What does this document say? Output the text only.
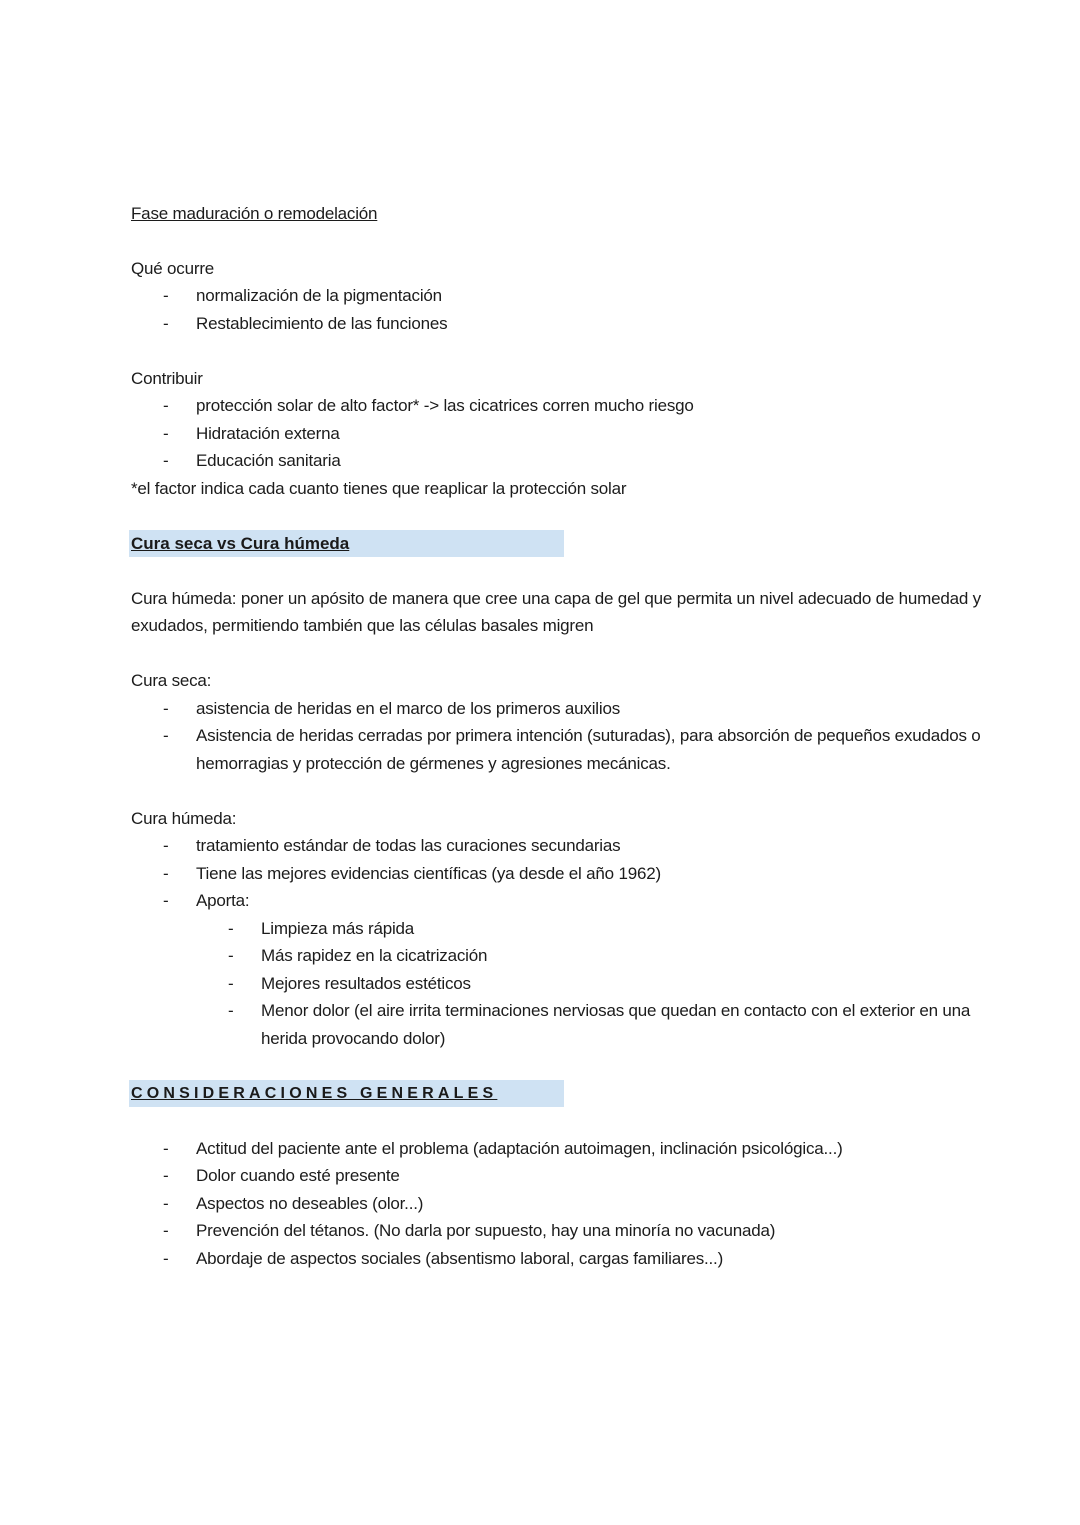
Fase maduración o remodelación
Qué ocurre
- normalización de la pigmentación
- Restablecimiento de las funciones
Contribuir
- protección solar de alto factor* -> las cicatrices corren mucho riesgo
- Hidratación externa
- Educación sanitaria
*el factor indica cada cuanto tienes que reaplicar la protección solar
Cura seca vs Cura húmeda
Cura húmeda: poner un apósito de manera que cree una capa de gel que permita un nivel adecuado de humedad y
exudados, permitiendo también que las células basales migren
Cura seca:
- asistencia de heridas en el marco de los primeros auxilios
- Asistencia de heridas cerradas por primera intención (suturadas), para absorción de pequeños exudados o
hemorragias y protección de gérmenes y agresiones mecánicas.
Cura húmeda:
- tratamiento estándar de todas las curaciones secundarias
- Tiene las mejores evidencias científicas (ya desde el año 1962)
- Aporta:
- Limpieza más rápida
- Más rapidez en la cicatrización
- Mejores resultados estéticos
- Menor dolor (el aire irrita terminaciones nerviosas que quedan en contacto con el exterior en una
herida provocando dolor)
CONSIDERACIONES GENERALES
- Actitud del paciente ante el problema (adaptación autoimagen, inclinación psicológica...)
- Dolor cuando esté presente
- Aspectos no deseables (olor...)
- Prevención del tétanos. (No darla por supuesto, hay una minoría no vacunada)
- Abordaje de aspectos sociales (absentismo laboral, cargas familiares...)
